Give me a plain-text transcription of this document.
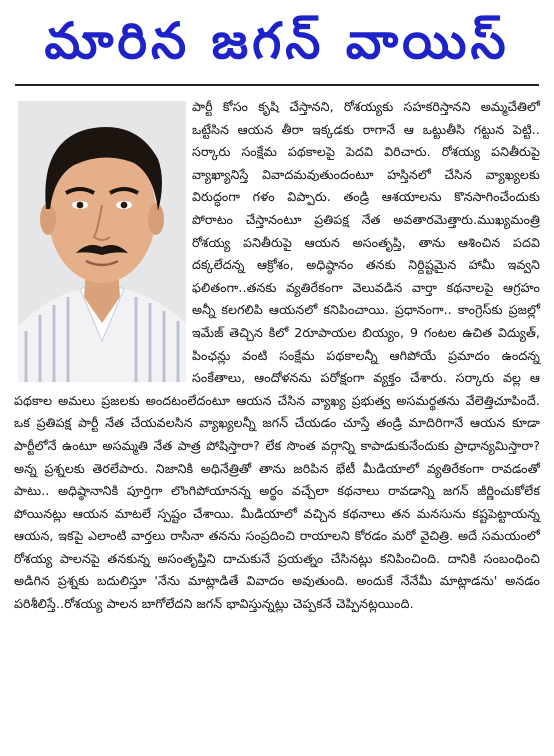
మారిన జగన్ వాయిస్

పార్టీ కోసం కృషి చేస్తానని, రోశయ్యకు సహకరిస్తానని అమ్మచేతిలో ఒట్టేసిన ఆయన తీరా ఇక్కడకు రాగానే ఆ ఒట్టుతీసి గట్టున పెట్టి.. సర్కారు సంక్షేమ పథకాలపై పెదవి విరిచారు. రోశయ్య పనితీరుపై వ్యాఖ్యానిస్తే వివాదమవుతుందంటూ హస్తినలో చేసిన వ్యాఖ్యలకు విరుద్ధంగా గళం విప్పారు. తండ్రి ఆశయాలను కొనసాగించేందుకు పోరాటం చేస్తానంటూ ప్రతిపక్ష నేత అవతారమెత్తారు.ముఖ్యమంత్రి రోశయ్య పనితీరుపై ఆయన అసంతృప్తి, తాను ఆశించిన పదవి దక్కలేదన్న ఆక్రోశం, అధిష్ఠానం తనకు నిర్దిష్టమైన హామీ ఇవ్వని ఫలితంగా..తనకు వ్యతిరేకంగా వెలువడిన వార్తా కథనాలపై ఆగ్రహం అన్నీ కలగలిపి ఆయనలో కనిపించాయి. ప్రధానంగా.. కాంగ్రెస్‌కు ప్రజల్లో ఇమేజ్ తెచ్చిన కిలో 2రూపాయల బియ్యం, 9 గంటల ఉచిత విద్యుత్, పింఛన్లు వంటి సంక్షేమ పథకాలన్నీ ఆగిపోయే ప్రమాదం ఉందన్న సంకేతాలు, ఆందోళనను పరోక్షంగా వ్యక్తం చేశారు. సర్కారు వల్ల ఆ పథకాల అమలు ప్రజలకు అందటంలేదంటూ ఆయన చేసిన వ్యాఖ్య ప్రభుత్వ అసమర్థతను వేలెత్తిచూపిందే. ఒక ప్రతిపక్ష పార్టీ నేత చేయవలసిన వ్యాఖ్యలన్నీ జగన్ చేయడం చూస్తే తండ్రి మాదిరిగానే ఆయన కూడా పార్టీలోనే ఉంటూ అసమ్మతి నేత పాత్ర పోషిస్తారా? లేక సొంత వర్గాన్ని కాపాడుకునేందుకు ప్రాధాన్యమిస్తారా? అన్న ప్రశ్నలకు తెరలేపారు. నిజానికి అధినేత్రితో తాను జరిపిన భేటీ మీడియాలో వ్యతిరేకంగా రావడంతో పాటు.. అధిష్ఠానానికి పూర్తిగా లొంగిపోయానన్న అర్థం వచ్చేలా కథనాలు రావడాన్ని జగన్ జీర్ణించుకోలేక పోయినట్లు ఆయన మాటలే స్పష్టం చేశాయి. మీడియాలో వచ్చిన కథనాలు తన మనసును కష్టపెట్టాయన్న ఆయన, ఇకపై ఎలాంటి వార్తలు రాసినా తనను సంప్రదించి రాయాలని కోరడం మరో వైచిత్రి. అదే సమయంలో రోశయ్య పాలనపై తనకున్న అసంతృప్తిని దాచుకునే ప్రయత్నం చేసినట్లు కనిపించింది. దానికి సంబంధించి అడిగిన ప్రశ్నకు బదులిస్తూ 'నేను మాట్లాడితే వివాదం అవుతుంది. అందుకే నేనేమీ మాట్లాడను' అనడం పరిశీలిస్తే..రోశయ్య పాలన బాగోలేదని జగన్ భావిస్తున్నట్లు చెప్పకనే చెప్పినట్లయింది.
